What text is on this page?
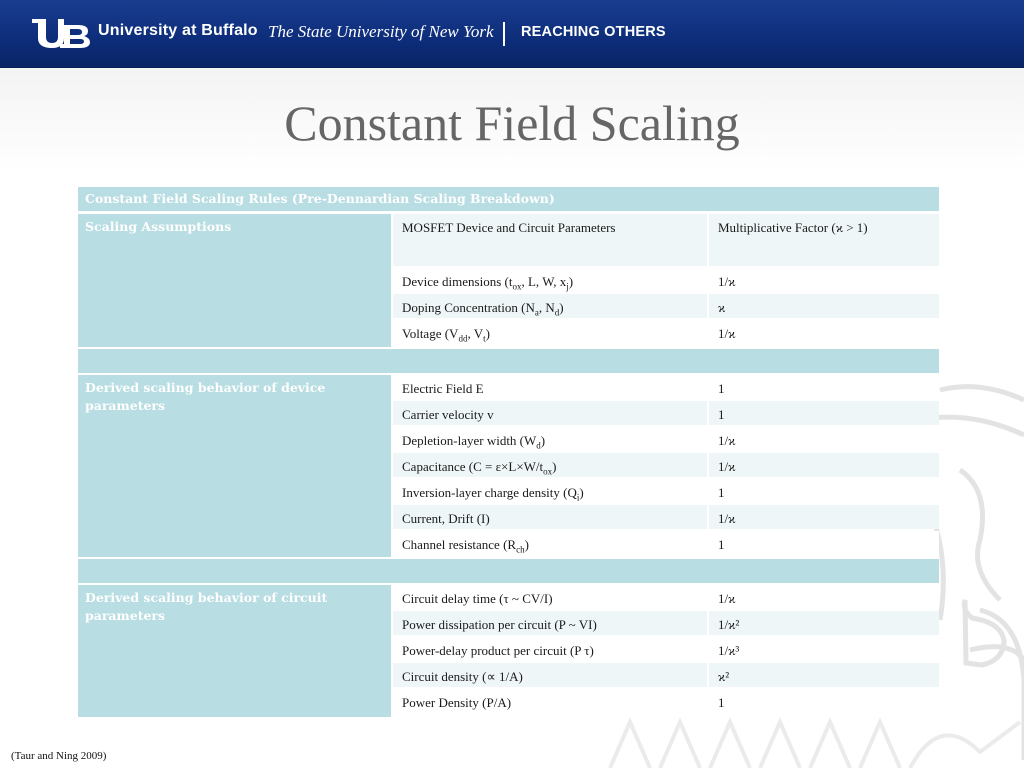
University at Buffalo The State University of New York REACHING OTHERS
Constant Field Scaling
Constant Field Scaling Rules (Pre-Dennardian Scaling Breakdown)
Scaling Assumptions	MOSFET Device and Circuit Parameters	Multiplicative Factor (ϰ > 1)
Device dimensions ($t_{ox}$, L, W, $x_j$)	1/ϰ
Doping Concentration ($N_a$, $N_d$)	ϰ
Voltage ($V_{dd}$, $V_t$)	1/ϰ
Derived scaling behavior of device parameters
Electric Field E	1
Carrier velocity v	1
Depletion-layer width $(W_d)$	1/ϰ
Capacitance $(C = \varepsilon\times L\times W/t_{ox})$	1/ϰ
Inversion-layer charge density $(Q_i)$	1
Current, Drift (I)	1/ϰ
Channel resistance $(R_{ch})$	1
Derived scaling behavior of circuit parameters
Circuit delay time (τ ~ CV/I)	1/ϰ
Power dissipation per circuit (P ~ VI)	1/ϰ²
Power-delay product per circuit (P τ)	1/ϰ³
Circuit density (∝ 1/A)	ϰ²
Power Density (P/A)	1
(Taur and Ning 2009)
